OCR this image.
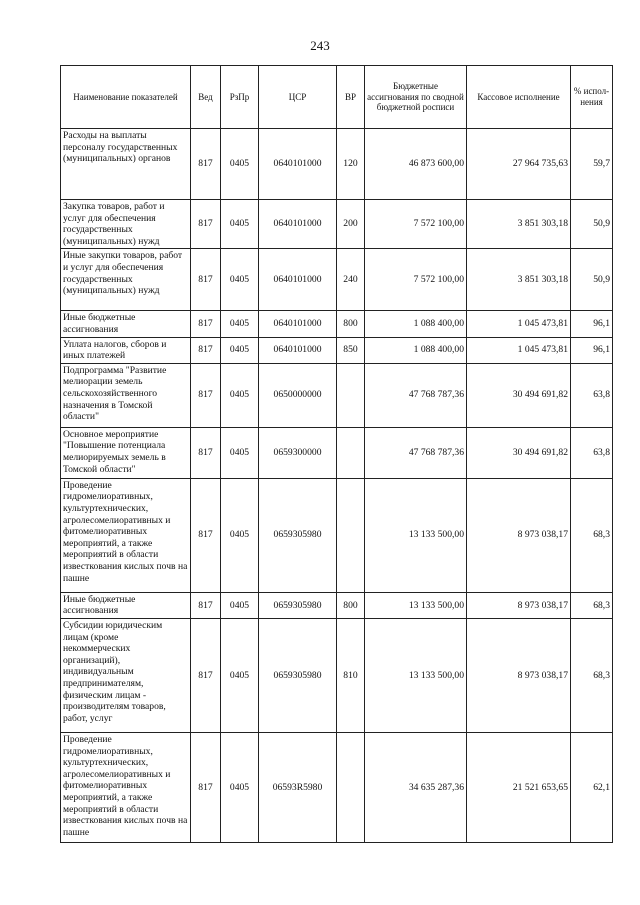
243
Наименование показателей	Вед	РзПр	ЦСР	ВР	Бюджетные ассигнования по сводной бюджетной росписи	Кассовое исполнение	% испол-нения
Расходы на выплаты персоналу государственных (муниципальных) органов	817	0405	0640101000	120	46 873 600,00	27 964 735,63	59,7
Закупка товаров, работ и услуг для обеспечения государственных (муниципальных) нужд	817	0405	0640101000	200	7 572 100,00	3 851 303,18	50,9
Иные закупки товаров, работ и услуг для обеспечения государственных (муниципальных) нужд	817	0405	0640101000	240	7 572 100,00	3 851 303,18	50,9
Иные бюджетные ассигнования	817	0405	0640101000	800	1 088 400,00	1 045 473,81	96,1
Уплата налогов, сборов и иных платежей	817	0405	0640101000	850	1 088 400,00	1 045 473,81	96,1
Подпрограмма "Развитие мелиорации земель сельскохозяйственного назначения в Томской области"	817	0405	0650000000		47 768 787,36	30 494 691,82	63,8
Основное мероприятие "Повышение потенциала мелиорируемых земель в Томской области"	817	0405	0659300000		47 768 787,36	30 494 691,82	63,8
Проведение гидромелиоративных, культуртехнических, агролесомелиоративных и фитомелиоративных мероприятий, а также мероприятий в области известкования кислых почв на пашне	817	0405	0659305980		13 133 500,00	8 973 038,17	68,3
Иные бюджетные ассигнования	817	0405	0659305980	800	13 133 500,00	8 973 038,17	68,3
Субсидии юридическим лицам (кроме некоммерческих организаций), индивидуальным предпринимателям, физическим лицам - производителям товаров, работ, услуг	817	0405	0659305980	810	13 133 500,00	8 973 038,17	68,3
Проведение гидромелиоративных, культуртехнических, агролесомелиоративных и фитомелиоративных мероприятий, а также мероприятий в области известкования кислых почв на пашне	817	0405	06593R5980		34 635 287,36	21 521 653,65	62,1
